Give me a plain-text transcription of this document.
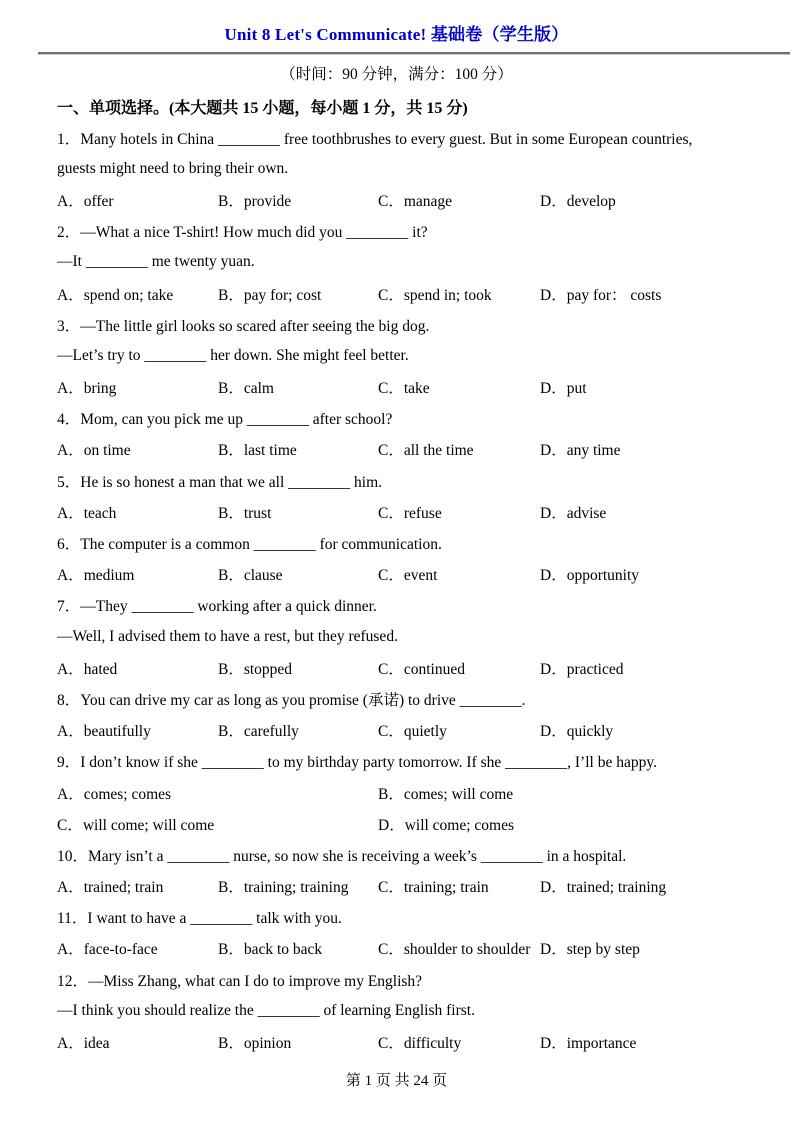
Unit 8 Let's Communicate! 基础卷（学生版）
（时间：90 分钟，满分：100 分）
一、单项选择。(本大题共 15 小题，每小题 1 分，共 15 分)
1．Many hotels in China ________ free toothbrushes to every guest. But in some European countries,
guests might need to bring their own.
A．offer	B．provide	C．manage	D．develop
2．—What a nice T-shirt! How much did you ________ it?
—It ________ me twenty yuan.
A．spend on; take	B．pay for; cost	C．spend in; took	D．pay for： costs
3．—The little girl looks so scared after seeing the big dog.
—Let’s try to ________ her down. She might feel better.
A．bring	B．calm	C．take	D．put
4．Mom, can you pick me up ________ after school?
A．on time	B．last time	C．all the time	D．any time
5．He is so honest a man that we all ________ him.
A．teach	B．trust	C．refuse	D．advise
6．The computer is a common ________ for communication.
A．medium	B．clause	C．event	D．opportunity
7．—They ________ working after a quick dinner.
—Well, I advised them to have a rest, but they refused.
A．hated	B．stopped	C．continued	D．practiced
8．You can drive my car as long as you promise (承诺) to drive ________.
A．beautifully	B．carefully	C．quietly	D．quickly
9．I don’t know if she ________ to my birthday party tomorrow. If she ________, I’ll be happy.
A．comes; comes	B．comes; will come
C．will come; will come	D．will come; comes
10．Mary isn’t a ________ nurse, so now she is receiving a week’s ________ in a hospital.
A．trained; train	B．training; training	C．training; train	D．trained; training
11．I want to have a ________ talk with you.
A．face-to-face	B．back to back	C．shoulder to shoulder D．step by step
12．—Miss Zhang, what can I do to improve my English?
—I think you should realize the ________ of learning English first.
A．idea	B．opinion	C．difficulty	D．importance
第 1 页 共 24 页
